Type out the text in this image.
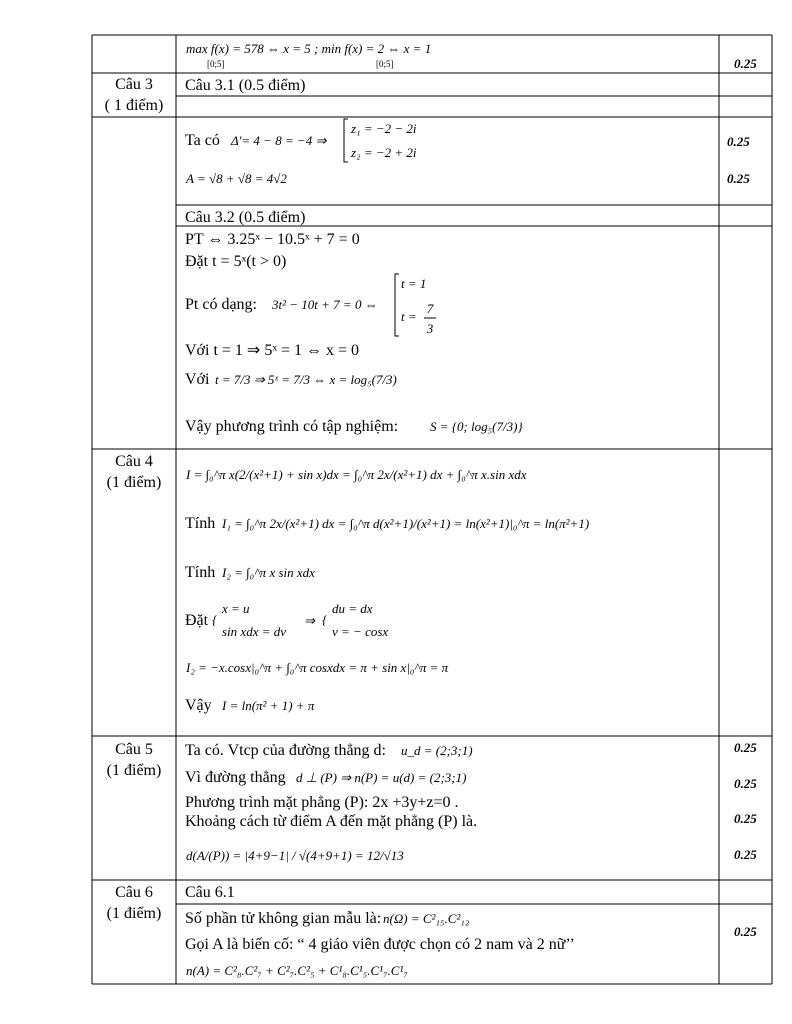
max f(x) = 578 ⇔ x = 5 ; min f(x) = 2 ⇔ x = 1
[0;5]	[0;5]	0.25
Câu 3
( 1 điểm)
Câu 3.1 (0.5 điểm)
Ta có Δ'= 4 − 8 = −4 ⇒
z₁ = −2 − 2i
z₂ = −2 + 2i
A = √8 + √8 = 4√2
0.25
0.25
Câu 3.2 (0.5 điểm)
PT ⇔ 3.25ˣ − 10.5ˣ + 7 = 0
Đặt t = 5ˣ(t > 0)
Pt có dạng: 3t² − 10t + 7 = 0 ⇔
t = 1
t =
7
3
Với t = 1 ⇒ 5ˣ = 1 ⇔ x = 0
Với t = 7/3 ⇒ 5ˣ = 7/3 ⇔ x = log₅(7/3)
Vậy phương trình có tập nghiệm: S = {0; log₅(7/3)}
Câu 4
(1 điểm) I = ∫₀^π x(2/(x²+1) + sin x)dx = ∫₀^π 2x/(x²+1) dx + ∫₀^π x.sin xdx
Tính I₁ = ∫₀^π 2x/(x²+1) dx = ∫₀^π d(x²+1)/(x²+1) = ln(x²+1)|₀^π = ln(π²+1)
Tính I₂ = ∫₀^π x sin xdx
Đặt {
x = u
sin xdx = dv
⇒ {
du = dx
v = − cosx
I₂ = −x.cosx|₀^π + ∫₀^π cosxdx = π + sin x|₀^π = π
Vậy I = ln(π² + 1) + π
Câu 5
(1 điểm)
Ta có. Vtcp của đường thẳng d: u_d = (2;3;1)
Vì đường thẳng d ⊥ (P) ⇒ n(P) = u(d) = (2;3;1)
Phương trình mặt phẳng (P): 2x +3y+z=0 .
Khoảng cách từ điểm A đến mặt phẳng (P) là.
d(A/(P)) = |4+9−1| / √(4+9+1) = 12/√13
0.25
0.25
0.25
0.25
Câu 6
(1 điểm)
Câu 6.1
Số phần tử không gian mẫu là: n(Ω) = C²₁₅.C²₁₂
Gọi A là biến cố: “ 4 giáo viên được chọn có 2 nam và 2 nữ’’
n(A) = C²₈.C²₇ + C²₇.C²₅ + C¹₈.C¹₅.C¹₇.C¹₇
0.25
